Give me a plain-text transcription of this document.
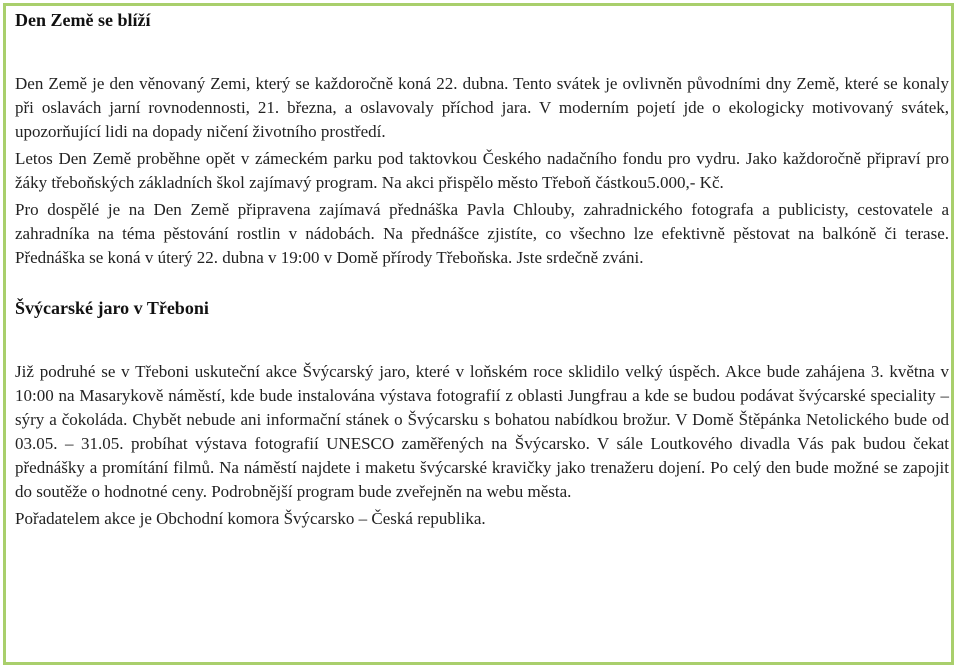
Den Země se blíží

Den Země je den věnovaný Zemi, který se každoročně koná 22. dubna. Tento svátek je ovlivněn původními dny Země, které se konaly při oslavách jarní rovnodennosti, 21. března, a oslavovaly příchod jara. V moderním pojetí jde o ekologicky motivovaný svátek, upozorňující lidi na dopady ničení životního prostředí.

Letos Den Země proběhne opět v zámeckém parku pod taktovkou Českého nadačního fondu pro vydru. Jako každoročně připraví pro žáky třeboňských základních škol zajímavý program. Na akci přispělo město Třeboň částkou5.000,- Kč.

Pro dospělé je na Den Země připravena zajímavá přednáška Pavla Chlouby, zahradnického fotografa a publicisty, cestovatele a zahradníka na téma pěstování rostlin v nádobách. Na přednášce zjistíte, co všechno lze efektivně pěstovat na balkóně či terase. Přednáška se koná v úterý 22. dubna v 19:00 v Domě přírody Třeboňska. Jste srdečně zváni.

Švýcarské jaro v Třeboni

Již podruhé se v Třeboni uskuteční akce Švýcarský jaro, které v loňském roce sklidilo velký úspěch. Akce bude zahájena 3. května v 10:00 na Masarykově náměstí, kde bude instalována výstava fotografií z oblasti Jungfrau a kde se budou podávat švýcarské speciality – sýry a čokoláda. Chybět nebude ani informační stánek o Švýcarsku s bohatou nabídkou brožur. V Domě Štěpánka Netolického bude od 03.05. – 31.05. probíhat výstava fotografií UNESCO zaměřených na Švýcarsko. V sále Loutkového divadla Vás pak budou čekat přednášky a promítání filmů. Na náměstí najdete i maketu švýcarské kravičky jako trenažeru dojení. Po celý den bude možné se zapojit do soutěže o hodnotné ceny. Podrobnější program bude zveřejněn na webu města.

Pořadatelem akce je Obchodní komora Švýcarsko – Česká republika.
